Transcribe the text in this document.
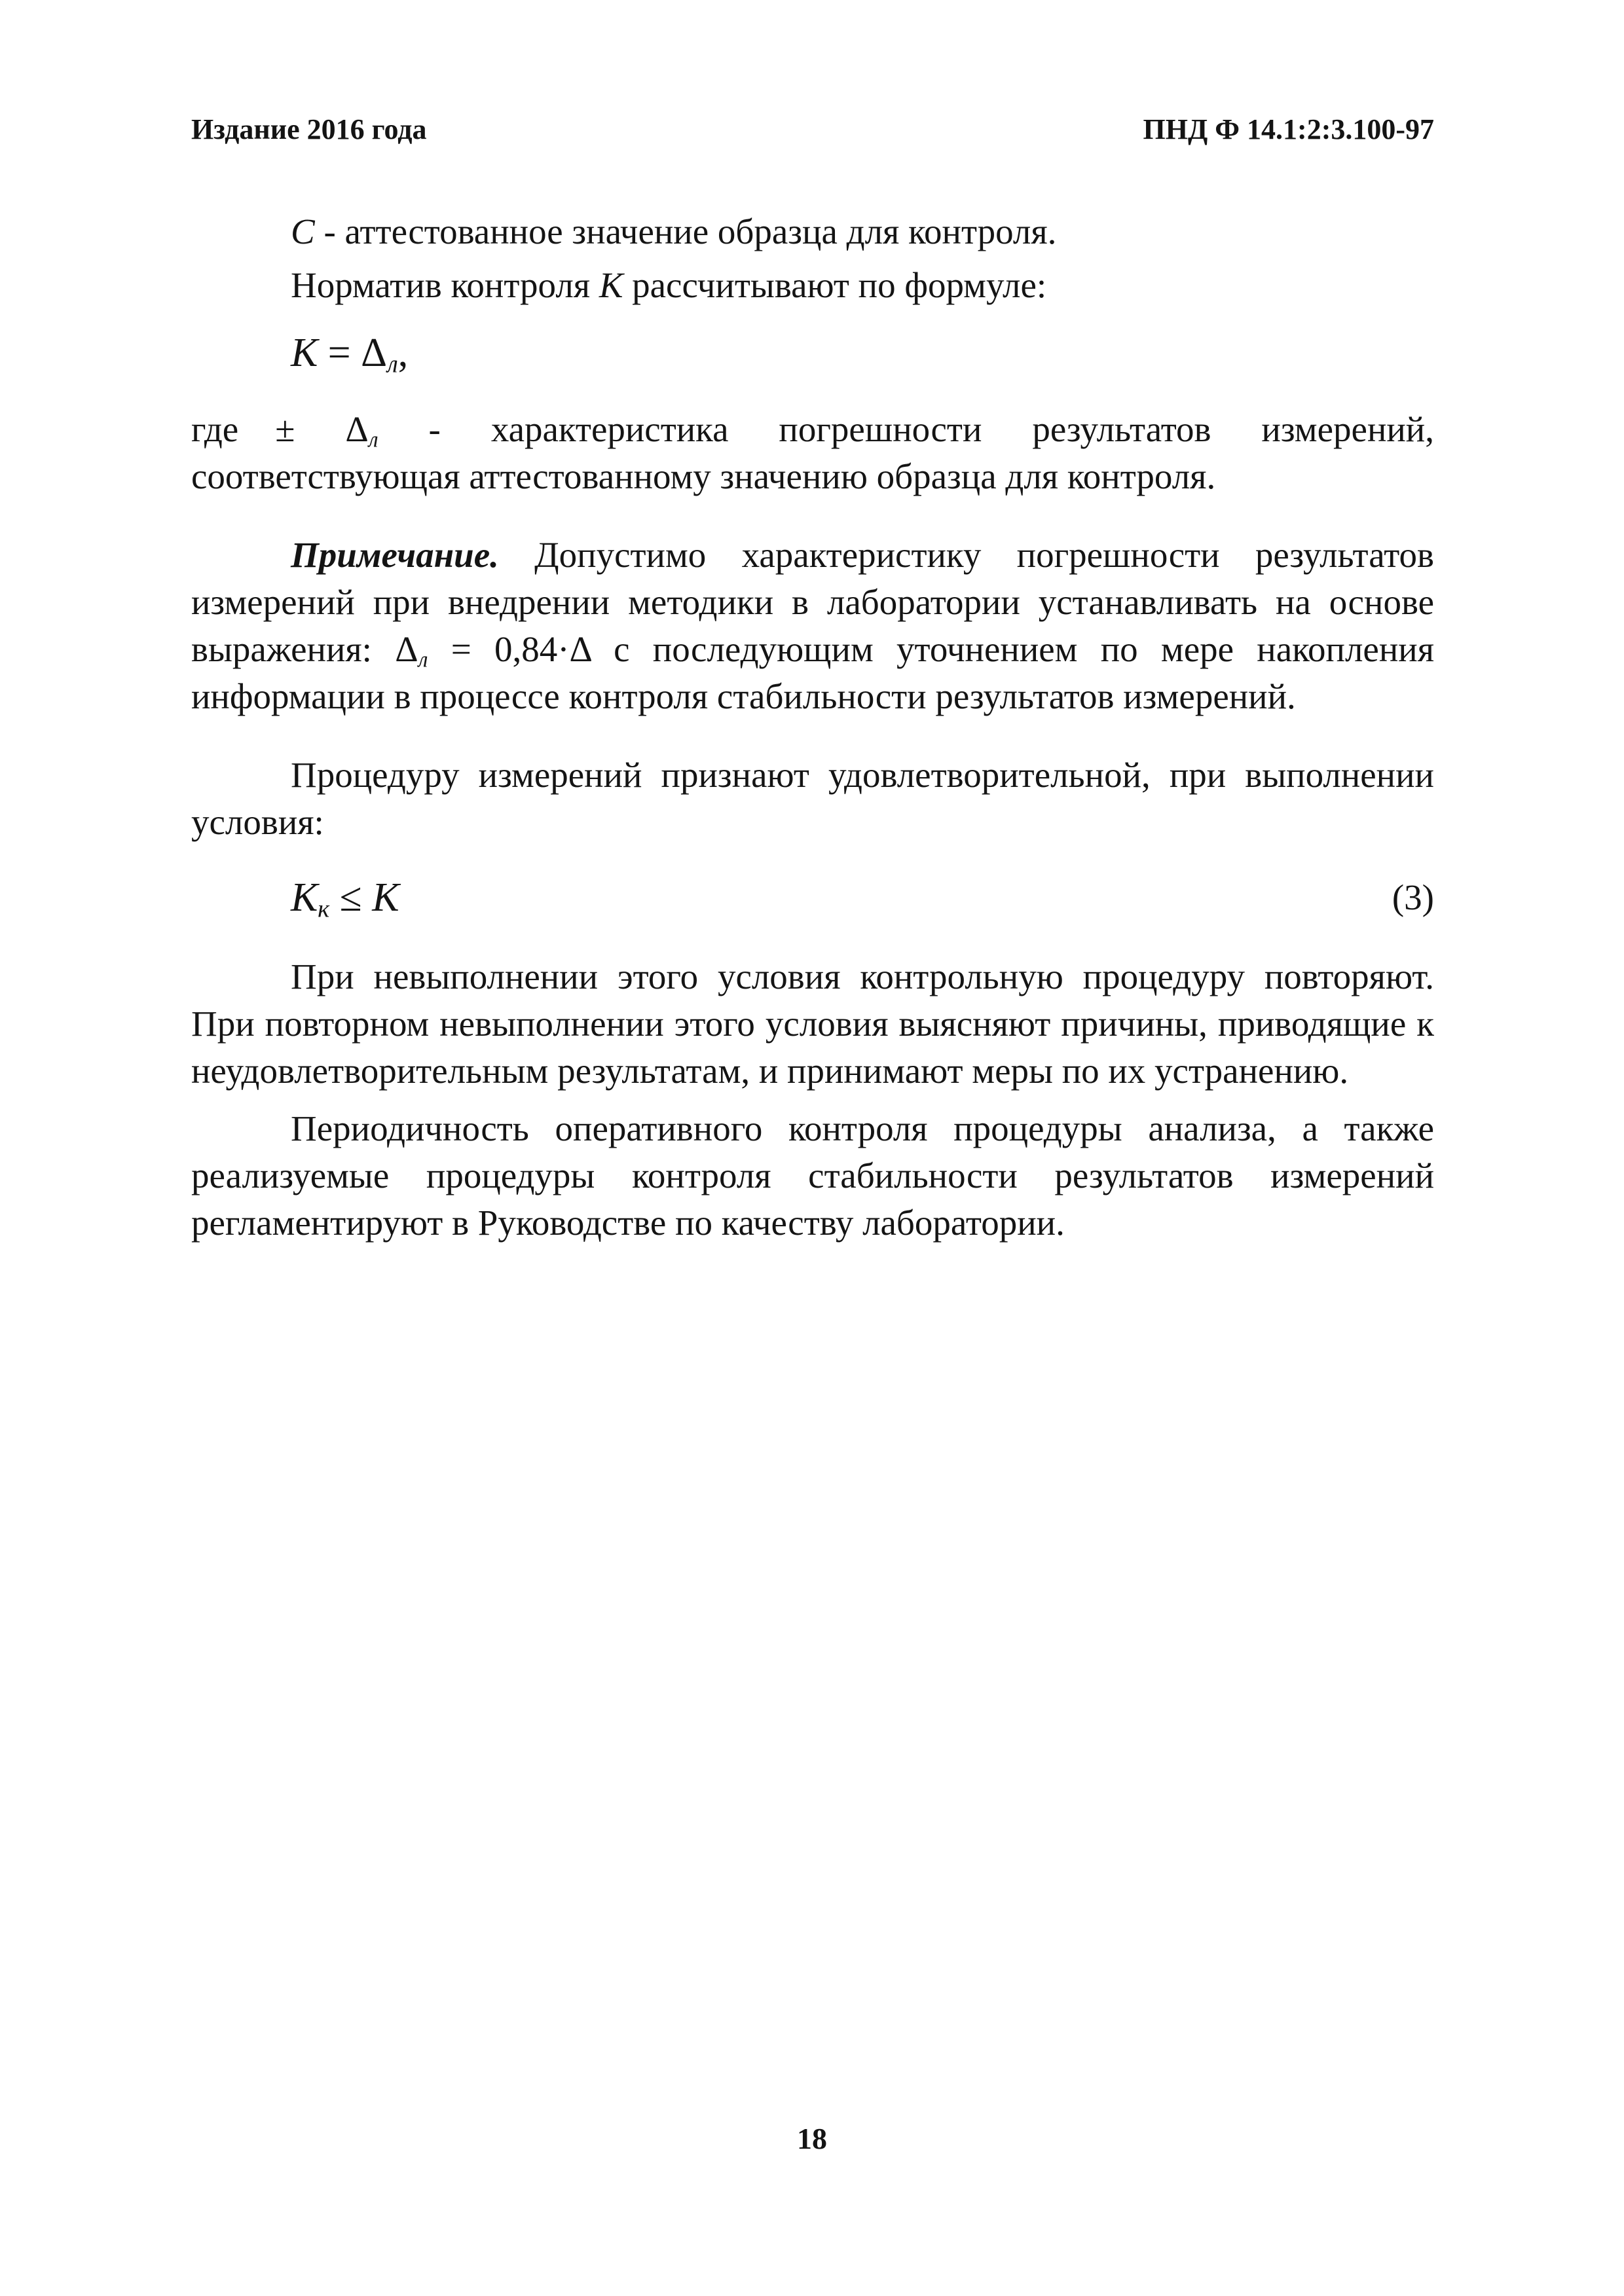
Издание 2016 года	ПНД Ф 14.1:2:3.100-97

С - аттестованное значение образца для контроля.

Норматив контроля К рассчитывают по формуле:

$К = \Delta_л$,

где ± $\Delta_л$ - характеристика погрешности результатов измерений, соответствующая аттестованному значению образца для контроля.

Примечание. Допустимо характеристику погрешности результатов измерений при внедрении методики в лаборатории устанавливать на основе выражения: $\Delta_л = 0,84\cdot\Delta$ с последующим уточнением по мере накопления информации в процессе контроля стабильности результатов измерений.

Процедуру измерений признают удовлетворительной, при выполнении условия:

$К_к \le К$	(3)

При невыполнении этого условия контрольную процедуру повторяют. При повторном невыполнении этого условия выясняют причины, приводящие к неудовлетворительным результатам, и принимают меры по их устранению.

Периодичность оперативного контроля процедуры анализа, а также реализуемые процедуры контроля стабильности результатов измерений регламентируют в Руководстве по качеству лаборатории.

18
